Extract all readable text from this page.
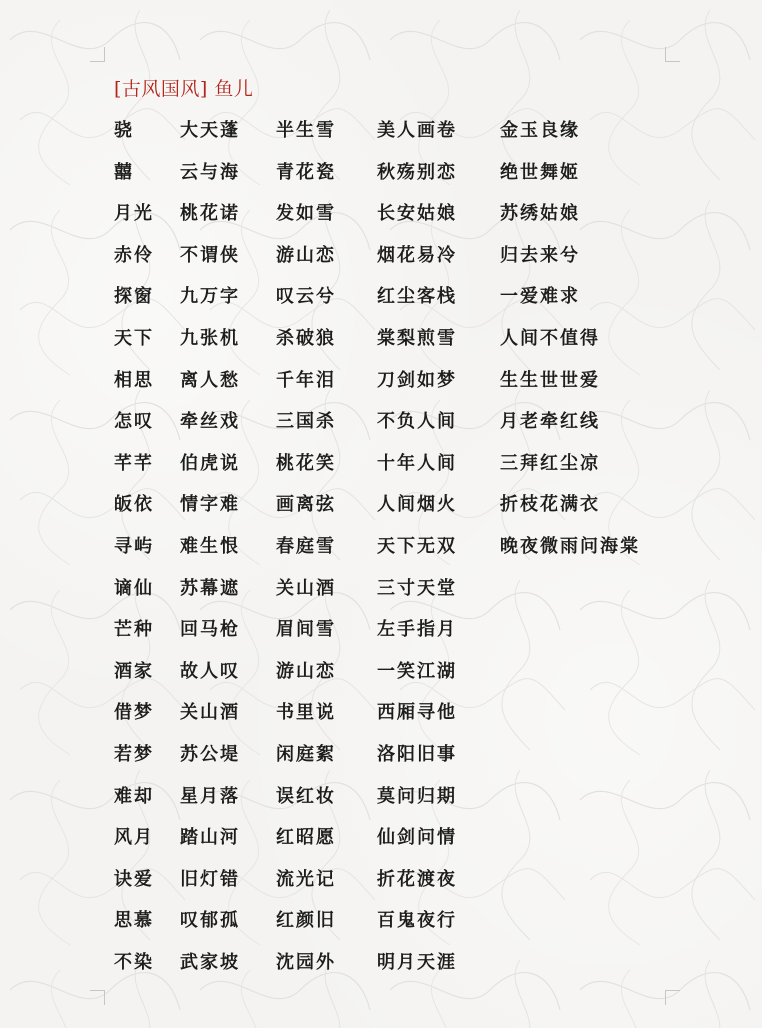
[古风国风] 鱼儿
骁	大天蓬 半生雪 美人画卷 金玉良缘
囍	云与海 青花瓷 秋殇别恋 绝世舞姬
月光 桃花诺 发如雪 长安姑娘 苏绣姑娘
赤伶 不谓侠 游山恋 烟花易冷 归去来兮
探窗 九万字 叹云兮 红尘客栈 一爱难求
天下 九张机 杀破狼 棠梨煎雪 人间不值得
相思 离人愁 千年泪 刀剑如梦 生生世世爱
怎叹 牵丝戏 三国杀 不负人间 月老牵红线
芊芊 伯虎说 桃花笑 十年人间 三拜红尘凉
皈依 情字难 画离弦 人间烟火 折枝花满衣
寻屿 难生恨 春庭雪 天下无双 晚夜微雨问海棠
谪仙 苏幕遮 关山酒 三寸天堂
芒种 回马枪 眉间雪 左手指月
酒家 故人叹 游山恋 一笑江湖
借梦 关山酒 书里说 西厢寻他
若梦 苏公堤 闲庭絮 洛阳旧事
难却 星月落 误红妆 莫问归期
风月 踏山河 红昭愿 仙剑问情
诀爱 旧灯错 流光记 折花渡夜
思慕 叹郁孤 红颜旧 百鬼夜行
不染 武家坡 沈园外 明月天涯
